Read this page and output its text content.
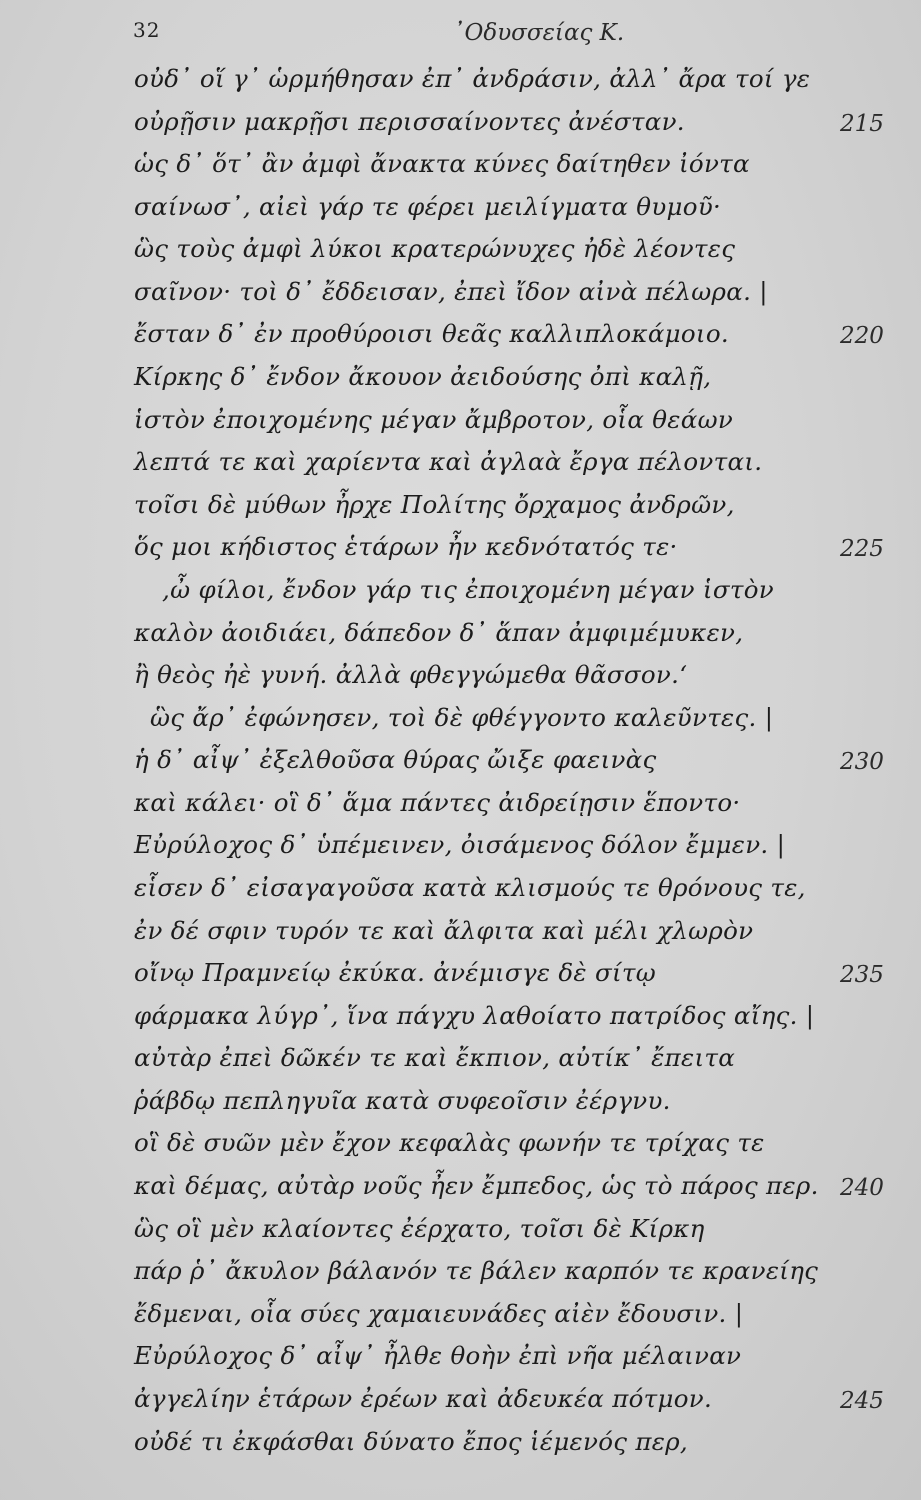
32	᾿Οδυσσείας Κ.
οὐδ᾿ οἵ γ᾿ ὡρμήθησαν ἐπ᾿ ἀνδράσιν, ἀλλ᾿ ἄρα τοί γε
οὐρῇσιν μακρῇσι περισσαίνοντες ἀνέσταν.	215
ὡς δ᾿ ὅτ᾿ ἂν ἀμφὶ ἄνακτα κύνες δαίτηθεν ἰόντα
σαίνωσ᾿, αἰεὶ γάρ τε φέρει μειλίγματα θυμοῦ·
ὣς τοὺς ἀμφὶ λύκοι κρατερώνυχες ἠδὲ λέοντες
σαῖνον· τοὶ δ᾿ ἔδδεισαν, ἐπεὶ ἴδον αἰνὰ πέλωρα. |
ἔσταν δ᾿ ἐν προθύροισι θεᾶς καλλιπλοκάμοιο.	220
Κίρκης δ᾿ ἔνδον ἄκουον ἀειδούσης ὀπὶ καλῇ,
ἱστὸν ἐποιχομένης μέγαν ἄμβροτον, οἷα θεάων
λεπτά τε καὶ χαρίεντα καὶ ἀγλαὰ ἔργα πέλονται.
τοῖσι δὲ μύθων ἦρχε Πολίτης ὄρχαμος ἀνδρῶν,
ὅς μοι κήδιστος ἑτάρων ἦν κεδνότατός τε·	225
,ὦ φίλοι, ἔνδον γάρ τις ἐποιχομένη μέγαν ἱστὸν
καλὸν ἀοιδιάει, δάπεδον δ᾿ ἅπαν ἀμφιμέμυκεν,
ἢ θεὸς ἠὲ γυνή. ἀλλὰ φθεγγώμεθα θᾶσσον.‘
ὣς ἄρ᾿ ἐφώνησεν, τοὶ δὲ φθέγγοντο καλεῦντες. |
ἡ δ᾿ αἶψ᾿ ἐξελθοῦσα θύρας ὤιξε φαεινὰς	230
καὶ κάλει· οἳ δ᾿ ἅμα πάντες ἀιδρείῃσιν ἕποντο·
Εὐρύλοχος δ᾿ ὑπέμεινεν, ὀισάμενος δόλον ἔμμεν. |
εἷσεν δ᾿ εἰσαγαγοῦσα κατὰ κλισμούς τε θρόνους τε,
ἐν δέ σφιν τυρόν τε καὶ ἄλφιτα καὶ μέλι χλωρὸν
οἴνῳ Πραμνείῳ ἐκύκα. ἀνέμισγε δὲ σίτῳ	235
φάρμακα λύγρ᾿, ἵνα πάγχυ λαθοίατο πατρίδος αἴης. |
αὐτὰρ ἐπεὶ δῶκέν τε καὶ ἔκπιον, αὐτίκ᾿ ἔπειτα
ῥάβδῳ πεπληγυῖα κατὰ συφεοῖσιν ἐέργνυ.
οἳ δὲ συῶν μὲν ἔχον κεφαλὰς φωνήν τε τρίχας τε
καὶ δέμας, αὐτὰρ νοῦς ἦεν ἔμπεδος, ὡς τὸ πάρος περ. 240
ὣς οἳ μὲν κλαίοντες ἐέρχατο, τοῖσι δὲ Κίρκη
πάρ ῥ᾿ ἄκυλον βάλανόν τε βάλεν καρπόν τε κρανείης
ἔδμεναι, οἷα σύες χαμαιευνάδες αἰὲν ἔδουσιν. |
Εὐρύλοχος δ᾿ αἶψ᾿ ἦλθε θοὴν ἐπὶ νῆα μέλαιναν
ἀγγελίην ἑτάρων ἐρέων καὶ ἀδευκέα πότμον.	245
οὐδέ τι ἐκφάσθαι δύνατο ἔπος ἱέμενός περ,
